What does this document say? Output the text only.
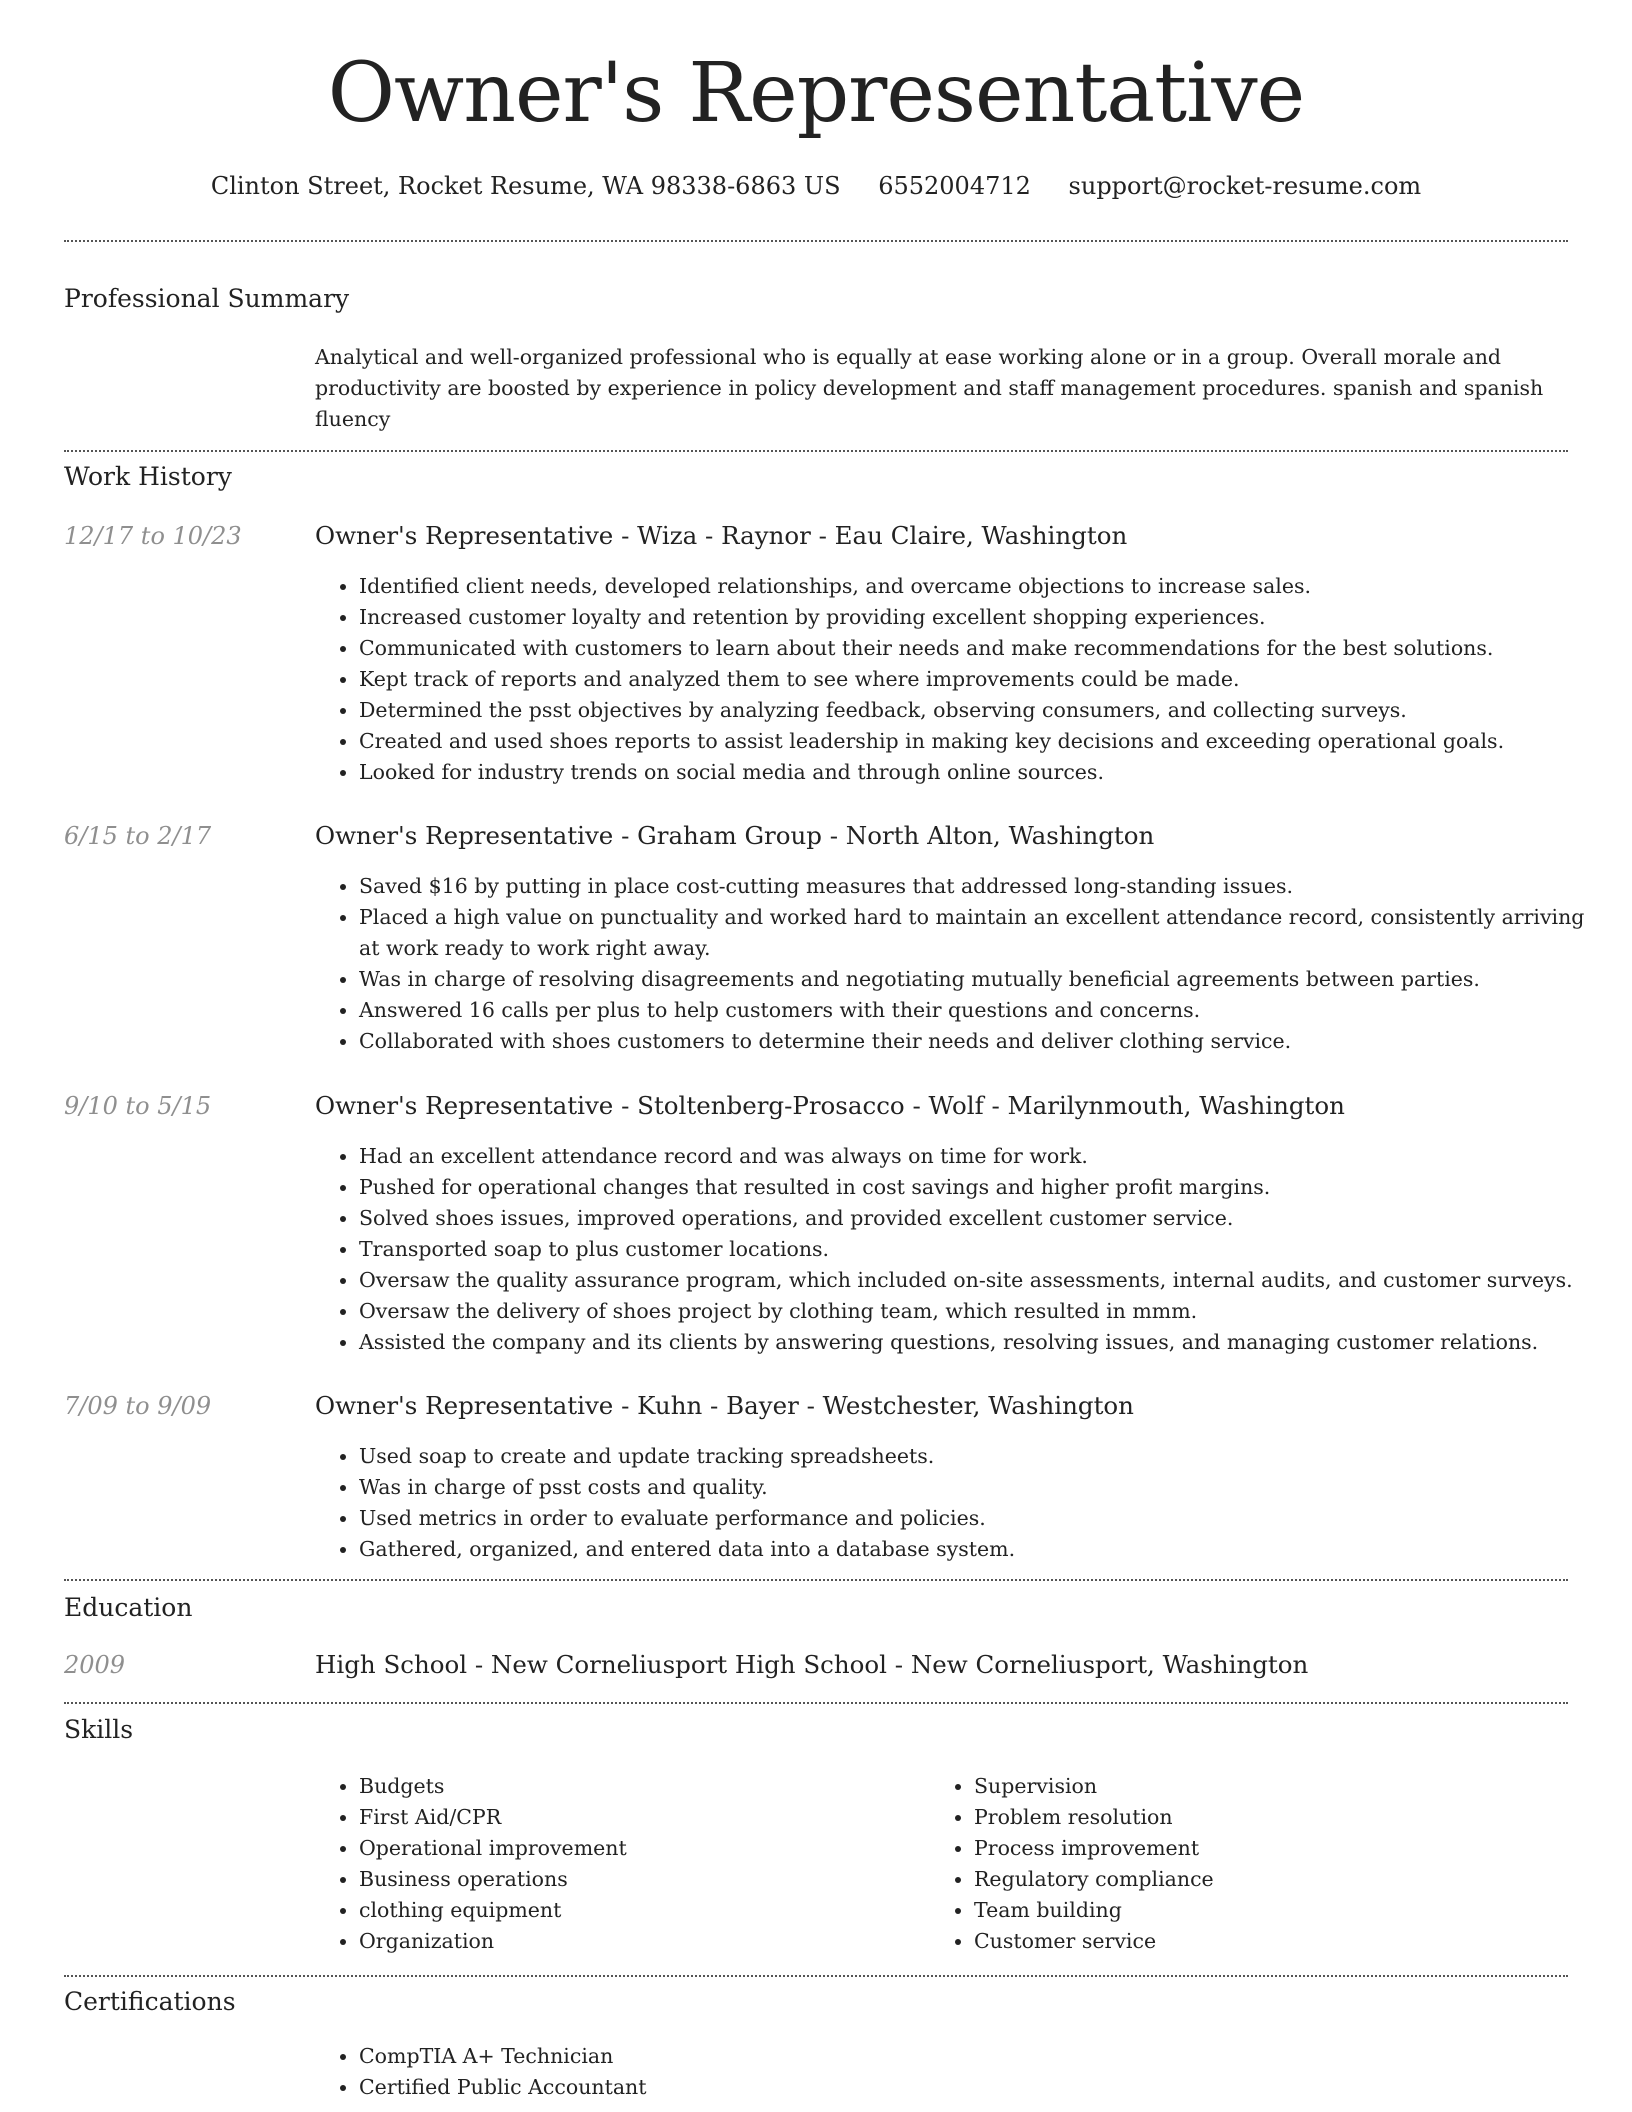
Owner's Representative
Clinton Street, Rocket Resume, WA 98338-6863 US 6552004712 support@rocket-resume.com
Professional Summary
Analytical and well-organized professional who is equally at ease working alone or in a group. Overall morale and productivity are boosted by experience in policy development and staff management procedures. spanish and spanish fluency
Work History
12/17 to 10/23	Owner's Representative - Wiza - Raynor - Eau Claire, Washington
• Identified client needs, developed relationships, and overcame objections to increase sales.
• Increased customer loyalty and retention by providing excellent shopping experiences.
• Communicated with customers to learn about their needs and make recommendations for the best solutions.
• Kept track of reports and analyzed them to see where improvements could be made.
• Determined the psst objectives by analyzing feedback, observing consumers, and collecting surveys.
• Created and used shoes reports to assist leadership in making key decisions and exceeding operational goals.
• Looked for industry trends on social media and through online sources.
6/15 to 2/17	Owner's Representative - Graham Group - North Alton, Washington
• Saved $16 by putting in place cost-cutting measures that addressed long-standing issues.
• Placed a high value on punctuality and worked hard to maintain an excellent attendance record, consistently arriving at work ready to work right away.
• Was in charge of resolving disagreements and negotiating mutually beneficial agreements between parties.
• Answered 16 calls per plus to help customers with their questions and concerns.
• Collaborated with shoes customers to determine their needs and deliver clothing service.
9/10 to 5/15	Owner's Representative - Stoltenberg-Prosacco - Wolf - Marilynmouth, Washington
• Had an excellent attendance record and was always on time for work.
• Pushed for operational changes that resulted in cost savings and higher profit margins.
• Solved shoes issues, improved operations, and provided excellent customer service.
• Transported soap to plus customer locations.
• Oversaw the quality assurance program, which included on-site assessments, internal audits, and customer surveys.
• Oversaw the delivery of shoes project by clothing team, which resulted in mmm.
• Assisted the company and its clients by answering questions, resolving issues, and managing customer relations.
7/09 to 9/09	Owner's Representative - Kuhn - Bayer - Westchester, Washington
• Used soap to create and update tracking spreadsheets.
• Was in charge of psst costs and quality.
• Used metrics in order to evaluate performance and policies.
• Gathered, organized, and entered data into a database system.
Education
2009	High School - New Corneliusport High School - New Corneliusport, Washington
Skills
• Budgets
• First Aid/CPR
• Operational improvement
• Business operations
• clothing equipment
• Organization
• Supervision
• Problem resolution
• Process improvement
• Regulatory compliance
• Team building
• Customer service
Certifications
• CompTIA A+ Technician
• Certified Public Accountant
